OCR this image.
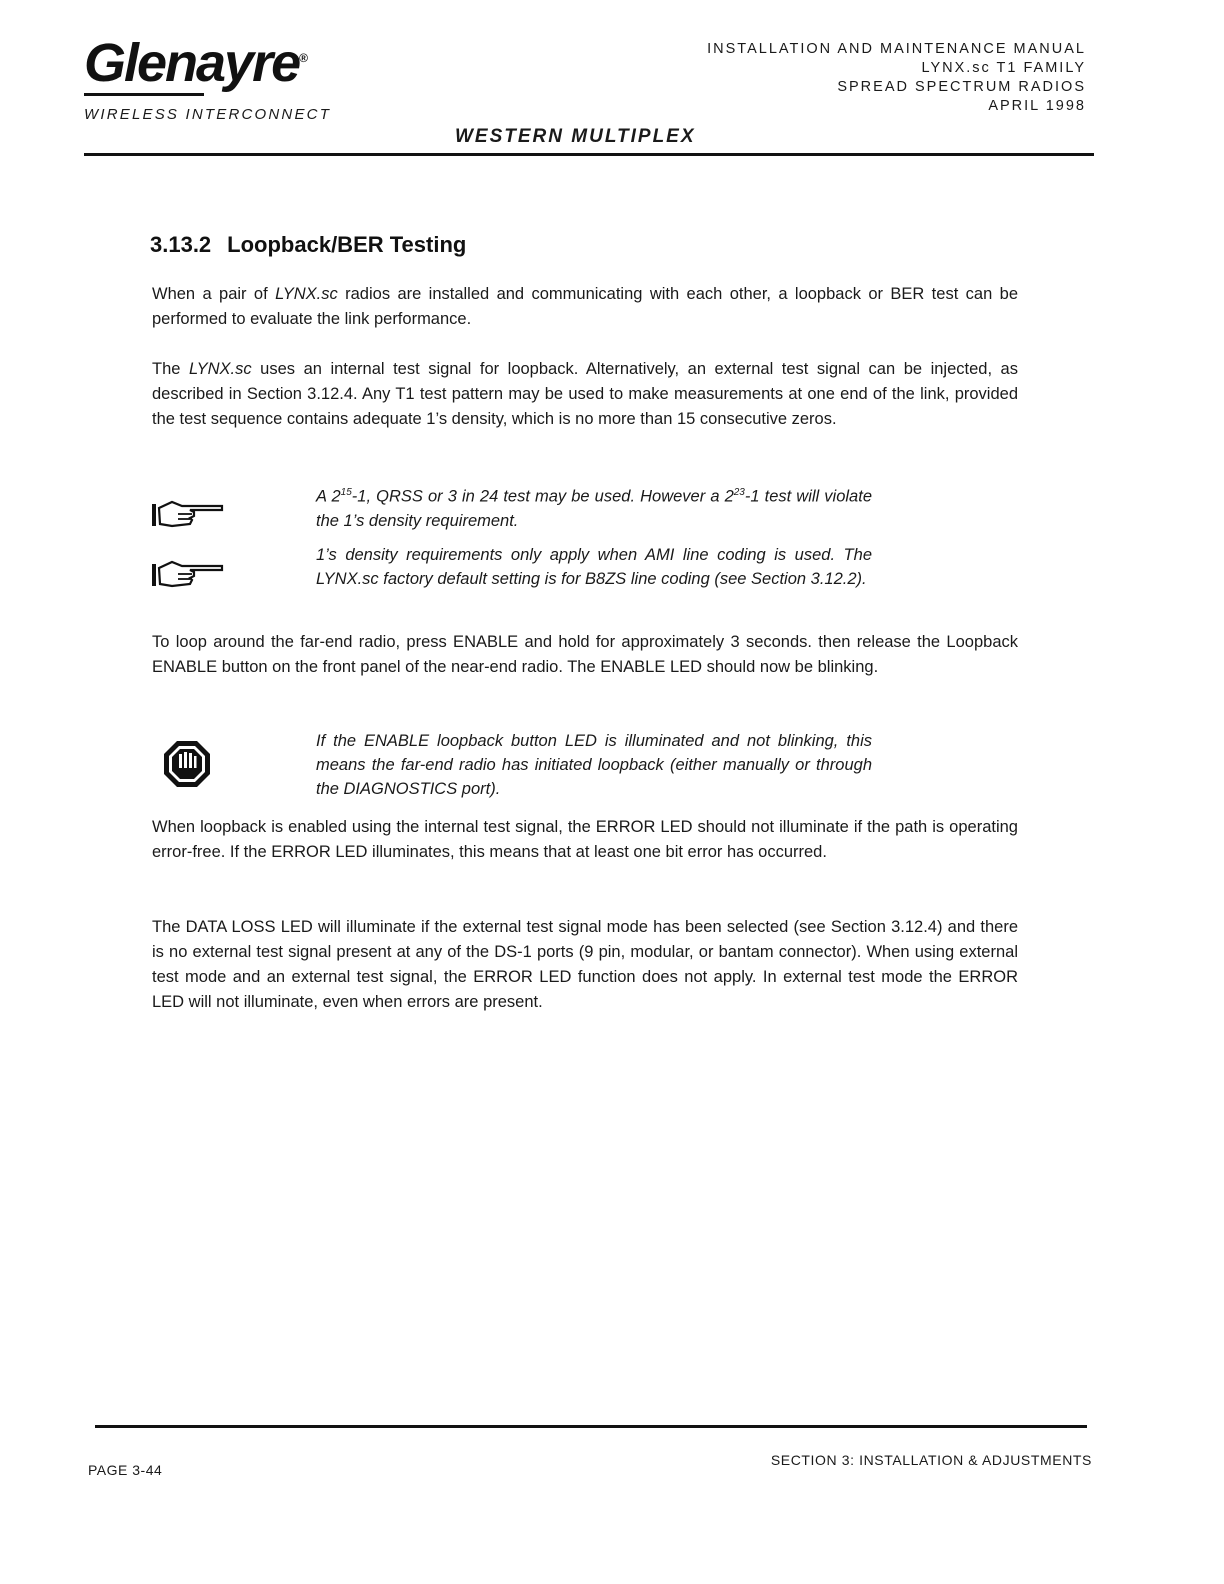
Glenayre®
WIRELESS INTERCONNECT
INSTALLATION AND MAINTENANCE MANUAL
LYNX.sc T1 FAMILY
SPREAD SPECTRUM RADIOS
APRIL 1998
WESTERN MULTIPLEX
3.13.2 Loopback/BER Testing
When a pair of LYNX.sc radios are installed and communicating with each other, a loopback or BER test can be performed to evaluate the link performance.
The LYNX.sc uses an internal test signal for loopback. Alternatively, an external test signal can be injected, as described in Section 3.12.4. Any T1 test pattern may be used to make measurements at one end of the link, provided the test sequence contains adequate 1’s density, which is no more than 15 consecutive zeros.
A $2^{15}-1$, QRSS or 3 in 24 test may be used. However a $2^{23}-1$ test will violate the 1’s density requirement.
1’s density requirements only apply when AMI line coding is used. The LYNX.sc factory default setting is for B8ZS line coding (see Section 3.12.2).
To loop around the far-end radio, press ENABLE and hold for approximately 3 seconds. then release the Loopback ENABLE button on the front panel of the near-end radio. The ENABLE LED should now be blinking.
If the ENABLE loopback button LED is illuminated and not blinking, this means the far-end radio has initiated loopback (either manually or through the DIAGNOSTICS port).
When loopback is enabled using the internal test signal, the ERROR LED should not illuminate if the path is operating error-free. If the ERROR LED illuminates, this means that at least one bit error has occurred.
The DATA LOSS LED will illuminate if the external test signal mode has been selected (see Section 3.12.4) and there is no external test signal present at any of the DS-1 ports (9 pin, modular, or bantam connector). When using external test mode and an external test signal, the ERROR LED function does not apply. In external test mode the ERROR LED will not illuminate, even when errors are present.
PAGE 3-44
SECTION 3: INSTALLATION & ADJUSTMENTS
